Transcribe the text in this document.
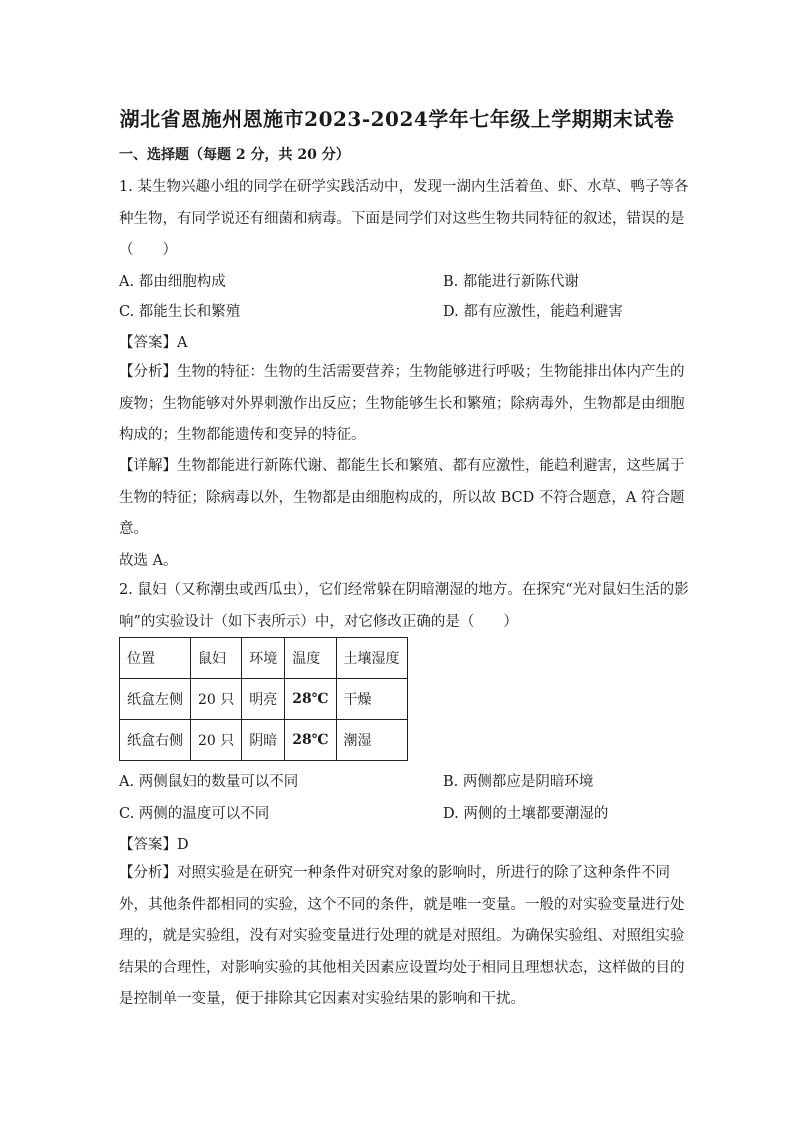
湖北省恩施州恩施市2023-2024学年七年级上学期期末试卷
一、选择题（每题 2 分，共 20 分）
1. 某生物兴趣小组的同学在研学实践活动中，发现一湖内生活着鱼、虾、水草、鸭子等各
种生物，有同学说还有细菌和病毒。下面是同学们对这些生物共同特征的叙述，错误的是
（　　）
A. 都由细胞构成	B. 都能进行新陈代谢
C. 都能生长和繁殖	D. 都有应激性，能趋利避害
【答案】A
【分析】生物的特征：生物的生活需要营养；生物能够进行呼吸；生物能排出体内产生的
废物；生物能够对外界刺激作出反应；生物能够生长和繁殖；除病毒外，生物都是由细胞
构成的；生物都能遗传和变异的特征。
【详解】生物都能进行新陈代谢、都能生长和繁殖、都有应激性，能趋利避害，这些属于
生物的特征；除病毒以外，生物都是由细胞构成的，所以故 BCD 不符合题意，A 符合题
意。
故选 A。
2. 鼠妇（又称潮虫或西瓜虫），它们经常躲在阴暗潮湿的地方。在探究“光对鼠妇生活的影
响”的实验设计（如下表所示）中，对它修改正确的是（　　）
位置	鼠妇	环境	温度	土壤湿度
纸盒左侧	20 只	明亮	28℃	干燥
纸盒右侧	20 只	阴暗	28℃	潮湿
A. 两侧鼠妇的数量可以不同	B. 两侧都应是阴暗环境
C. 两侧的温度可以不同	D. 两侧的土壤都要潮湿的
【答案】D
【分析】对照实验是在研究一种条件对研究对象的影响时，所进行的除了这种条件不同
外，其他条件都相同的实验，这个不同的条件，就是唯一变量。一般的对实验变量进行处
理的，就是实验组，没有对实验变量进行处理的就是对照组。为确保实验组、对照组实验
结果的合理性，对影响实验的其他相关因素应设置均处于相同且理想状态，这样做的目的
是控制单一变量，便于排除其它因素对实验结果的影响和干扰。
